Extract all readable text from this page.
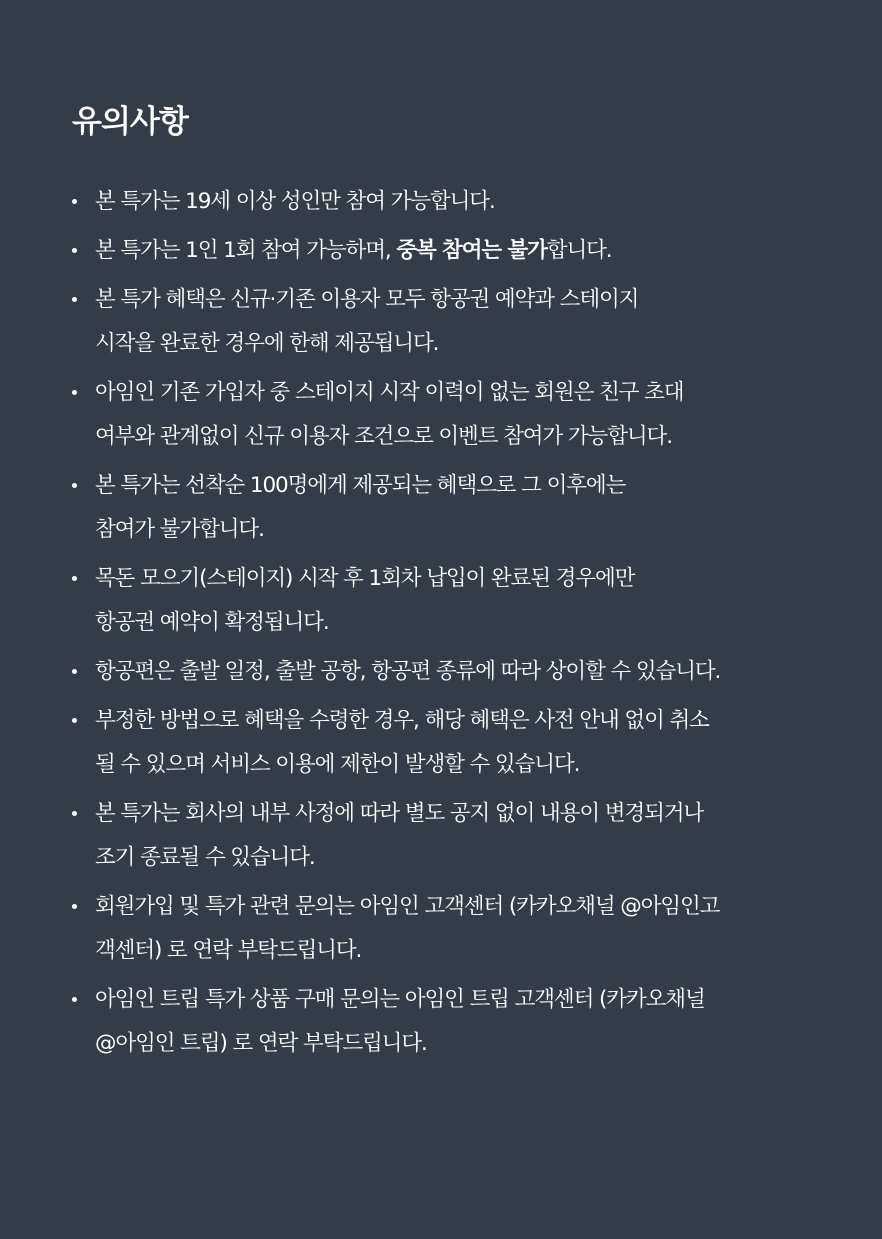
유의사항
본 특가는 19세 이상 성인만 참여 가능합니다.
본 특가는 1인 1회 참여 가능하며, 중복 참여는 불가합니다.
본 특가 혜택은 신규·기존 이용자 모두 항공권 예약과 스테이지
시작을 완료한 경우에 한해 제공됩니다.
아임인 기존 가입자 중 스테이지 시작 이력이 없는 회원은 친구 초대
여부와 관계없이 신규 이용자 조건으로 이벤트 참여가 가능합니다.
본 특가는 선착순 100명에게 제공되는 혜택으로 그 이후에는
참여가 불가합니다.
목돈 모으기(스테이지) 시작 후 1회차 납입이 완료된 경우에만
항공권 예약이 확정됩니다.
항공편은 출발 일정, 출발 공항, 항공편 종류에 따라 상이할 수 있습니다.
부정한 방법으로 혜택을 수령한 경우, 해당 혜택은 사전 안내 없이 취소
될 수 있으며 서비스 이용에 제한이 발생할 수 있습니다.
본 특가는 회사의 내부 사정에 따라 별도 공지 없이 내용이 변경되거나
조기 종료될 수 있습니다.
회원가입 및 특가 관련 문의는 아임인 고객센터 (카카오채널 @아임인고
객센터) 로 연락 부탁드립니다.
아임인 트립 특가 상품 구매 문의는 아임인 트립 고객센터 (카카오채널
@아임인 트립) 로 연락 부탁드립니다.
